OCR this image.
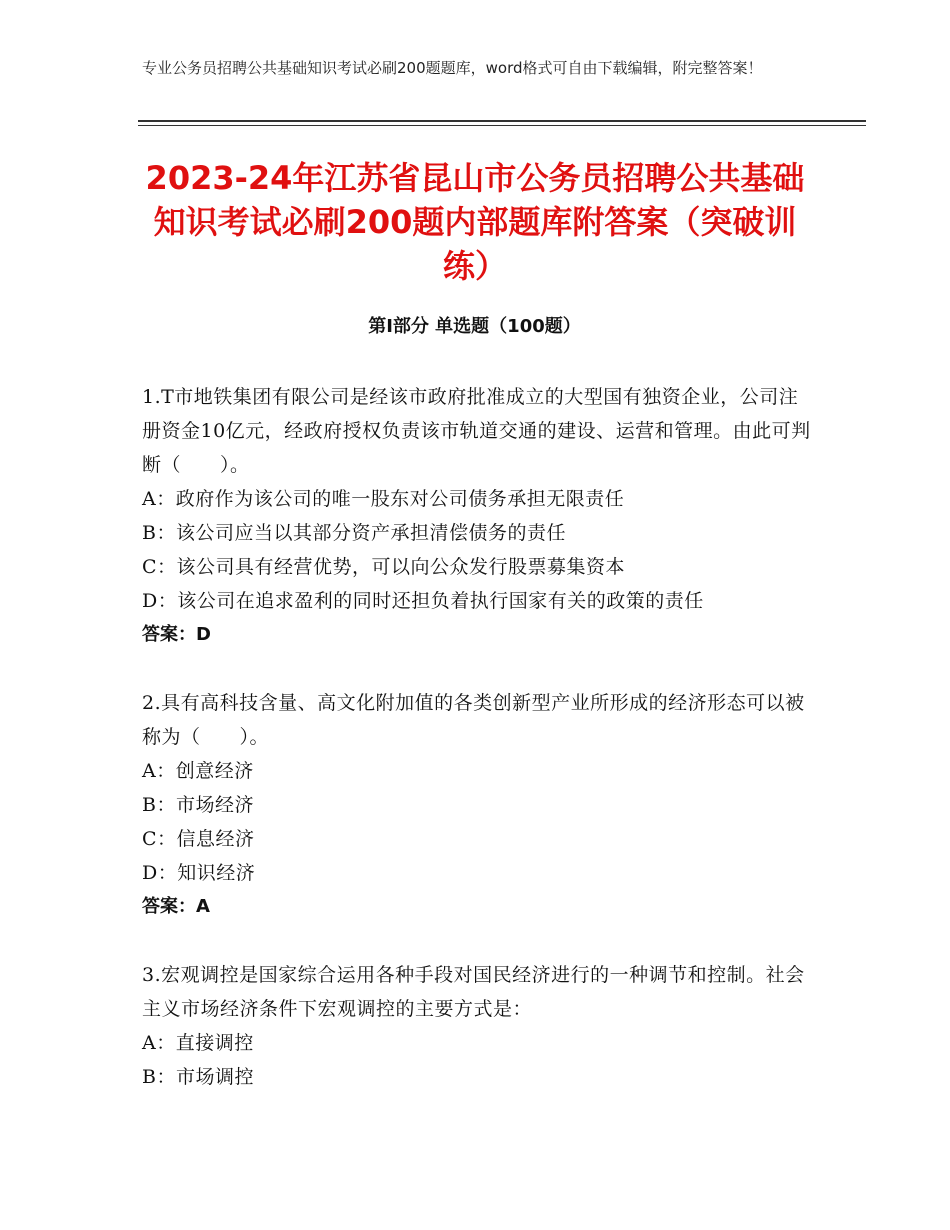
专业公务员招聘公共基础知识考试必刷200题题库，word格式可自由下载编辑，附完整答案！
2023-24年江苏省昆山市公务员招聘公共基础知识考试必刷200题内部题库附答案（突破训练）
第Ⅰ部分 单选题（100题）
1.T市地铁集团有限公司是经该市政府批准成立的大型国有独资企业，公司注册资金10亿元，经政府授权负责该市轨道交通的建设、运营和管理。由此可判断（　　）。
A：政府作为该公司的唯一股东对公司债务承担无限责任
B：该公司应当以其部分资产承担清偿债务的责任
C：该公司具有经营优势，可以向公众发行股票募集资本
D：该公司在追求盈利的同时还担负着执行国家有关的政策的责任
答案：D
2.具有高科技含量、高文化附加值的各类创新型产业所形成的经济形态可以被称为（　　）。
A：创意经济
B：市场经济
C：信息经济
D：知识经济
答案：A
3.宏观调控是国家综合运用各种手段对国民经济进行的一种调节和控制。社会主义市场经济条件下宏观调控的主要方式是：
A：直接调控
B：市场调控
